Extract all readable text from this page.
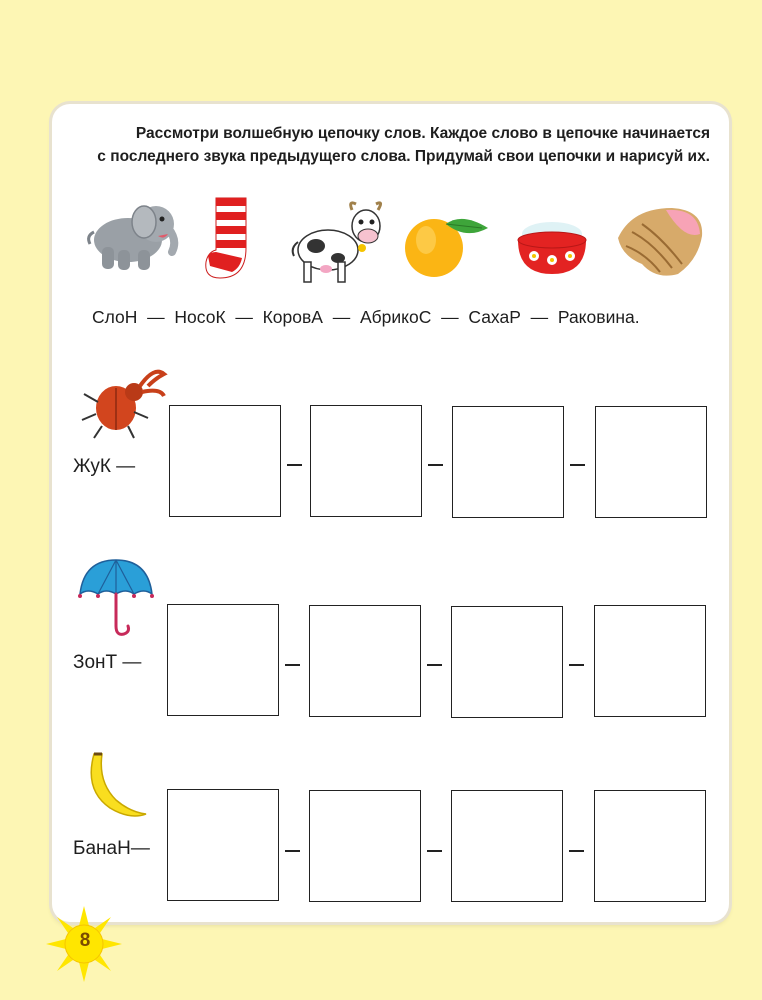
Рассмотри волшебную цепочку слов. Каждое слово в цепочке начинается
с последнего звука предыдущего слова. Придумай свои цепочки и нарисуй их.

СлоН — НосоК — КоровА — АбрикоС — СахаР — Раковина.
ЖуК —
ЗонТ —
БанаН—
8
